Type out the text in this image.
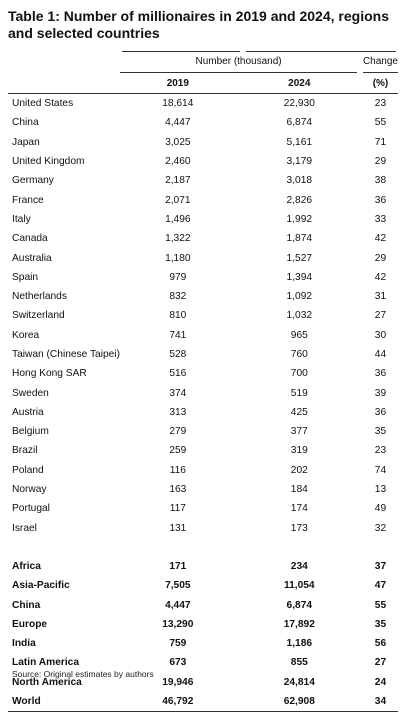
Table 1: Number of millionaires in 2019 and 2024, regions and selected countries
	Number (thousand)				Change
	2019		2024		(%)
United States	18,614		22,930		23
China	4,447		6,874		55
Japan	3,025		5,161		71
United Kingdom	2,460		3,179		29
Germany	2,187		3,018		38
France	2,071		2,826		36
Italy	1,496		1,992		33
Canada	1,322		1,874		42
Australia	1,180		1,527		29
Spain	979		1,394		42
Netherlands	832		1,092		31
Switzerland	810		1,032		27
Korea	741		965		30
Taiwan (Chinese Taipei)	528		760		44
Hong Kong SAR	516		700		36
Sweden	374		519		39
Austria	313		425		36
Belgium	279		377		35
Brazil	259		319		23
Poland	116		202		74
Norway	163		184		13
Portugal	117		174		49
Israel	131		173		32

Africa	171		234		37
Asia-Pacific	7,505		11,054		47
China	4,447		6,874		55
Europe	13,290		17,892		35
India	759		1,186		56
Latin America	673		855		27
North America	19,946		24,814		24
World	46,792		62,908		34
Source: Original estimates by authors
